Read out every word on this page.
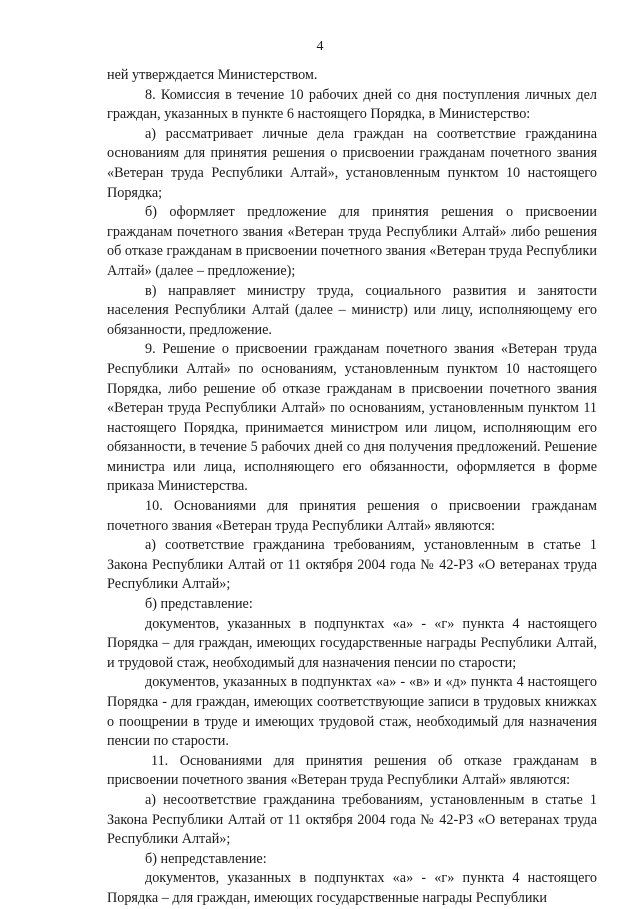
4

ней утверждается Министерством.

8. Комиссия в течение 10 рабочих дней со дня поступления личных дел граждан, указанных в пункте 6 настоящего Порядка, в Министерство:

а) рассматривает личные дела граждан на соответствие гражданина основаниям для принятия решения о присвоении гражданам почетного звания «Ветеран труда Республики Алтай», установленным пунктом 10 настоящего Порядка;

б) оформляет предложение для принятия решения о присвоении гражданам почетного звания «Ветеран труда Республики Алтай» либо решения об отказе гражданам в присвоении почетного звания «Ветеран труда Республики Алтай» (далее – предложение);

в) направляет министру труда, социального развития и занятости населения Республики Алтай (далее – министр) или лицу, исполняющему его обязанности, предложение.

9. Решение о присвоении гражданам почетного звания «Ветеран труда Республики Алтай» по основаниям, установленным пунктом 10 настоящего Порядка, либо решение об отказе гражданам в присвоении почетного звания «Ветеран труда Республики Алтай» по основаниям, установленным пунктом 11 настоящего Порядка, принимается министром или лицом, исполняющим его обязанности, в течение 5 рабочих дней со дня получения предложений. Решение министра или лица, исполняющего его обязанности, оформляется в форме приказа Министерства.

10. Основаниями для принятия решения о присвоении гражданам почетного звания «Ветеран труда Республики Алтай» являются:

а) соответствие гражданина требованиям, установленным в статье 1 Закона Республики Алтай от 11 октября 2004 года № 42-РЗ «О ветеранах труда Республики Алтай»;

б) представление:

документов, указанных в подпунктах «а» - «г» пункта 4 настоящего Порядка – для граждан, имеющих государственные награды Республики Алтай, и трудовой стаж, необходимый для назначения пенсии по старости;

документов, указанных в подпунктах «а» - «в» и «д» пункта 4 настоящего Порядка - для граждан, имеющих соответствующие записи в трудовых книжках о поощрении в труде и имеющих трудовой стаж, необходимый для назначения пенсии по старости.

11. Основаниями для принятия решения об отказе гражданам в присвоении почетного звания «Ветеран труда Республики Алтай» являются:

а) несоответствие гражданина требованиям, установленным в статье 1 Закона Республики Алтай от 11 октября 2004 года № 42-РЗ «О ветеранах труда Республики Алтай»;

б) непредставление:

документов, указанных в подпунктах «а» - «г» пункта 4 настоящего Порядка – для граждан, имеющих государственные награды Республики
